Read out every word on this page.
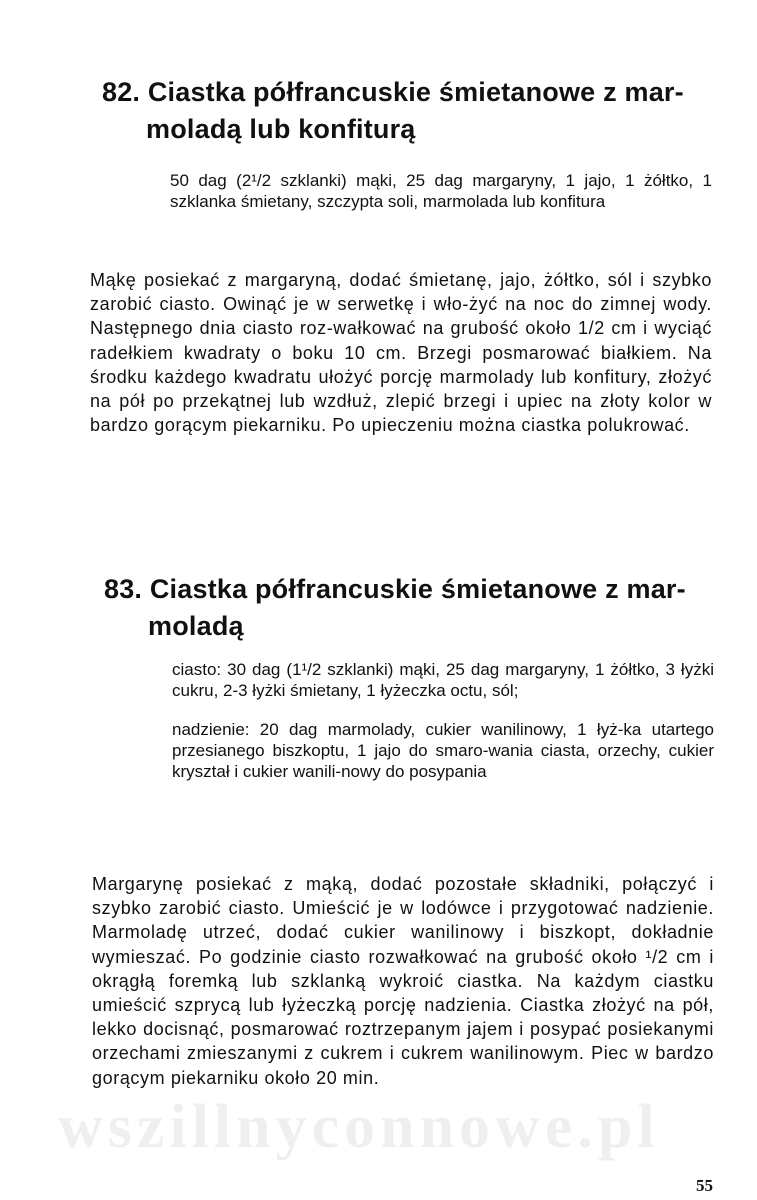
82. Ciastka półfrancuskie śmietanowe z mar-
moladą lub konfiturą

50 dag (2¹/2 szklanki) mąki, 25 dag margaryny, 1 jajo, 1 żółtko, 1 szklanka śmietany, szczypta soli, marmolada lub konfitura

Mąkę posiekać z margaryną, dodać śmietanę, jajo, żółtko, sól i szybko zarobić ciasto. Owinąć je w serwetkę i wło-żyć na noc do zimnej wody. Następnego dnia ciasto roz-wałkować na grubość około 1/2 cm i wyciąć radełkiem kwadraty o boku 10 cm. Brzegi posmarować białkiem. Na środku każdego kwadratu ułożyć porcję marmolady lub konfitury, złożyć na pół po przekątnej lub wzdłuż, zlepić brzegi i upiec na złoty kolor w bardzo gorącym piekarniku. Po upieczeniu można ciastka polukrować.

83. Ciastka półfrancuskie śmietanowe z mar-
moladą

ciasto: 30 dag (1¹/2 szklanki) mąki, 25 dag margaryny, 1 żółtko, 3 łyżki cukru, 2-3 łyżki śmietany, 1 łyżeczka octu, sól;

nadzienie: 20 dag marmolady, cukier wanilinowy, 1 łyż-ka utartego przesianego biszkoptu, 1 jajo do smaro-wania ciasta, orzechy, cukier kryształ i cukier wanili-nowy do posypania

Margarynę posiekać z mąką, dodać pozostałe składniki, połączyć i szybko zarobić ciasto. Umieścić je w lodówce i przygotować nadzienie. Marmoladę utrzeć, dodać cukier wanilinowy i biszkopt, dokładnie wymieszać. Po godzinie ciasto rozwałkować na grubość około ¹/2 cm i okrągłą foremką lub szklanką wykroić ciastka. Na każdym ciastku umieścić szprycą lub łyżeczką porcję nadzienia. Ciastka złożyć na pół, lekko docisnąć, posmarować roztrzepanym jajem i posypać posiekanymi orzechami zmieszanymi z cukrem i cukrem wanilinowym. Piec w bardzo gorącym piekarniku około 20 min.

wszillnyconnowe.pl
55
